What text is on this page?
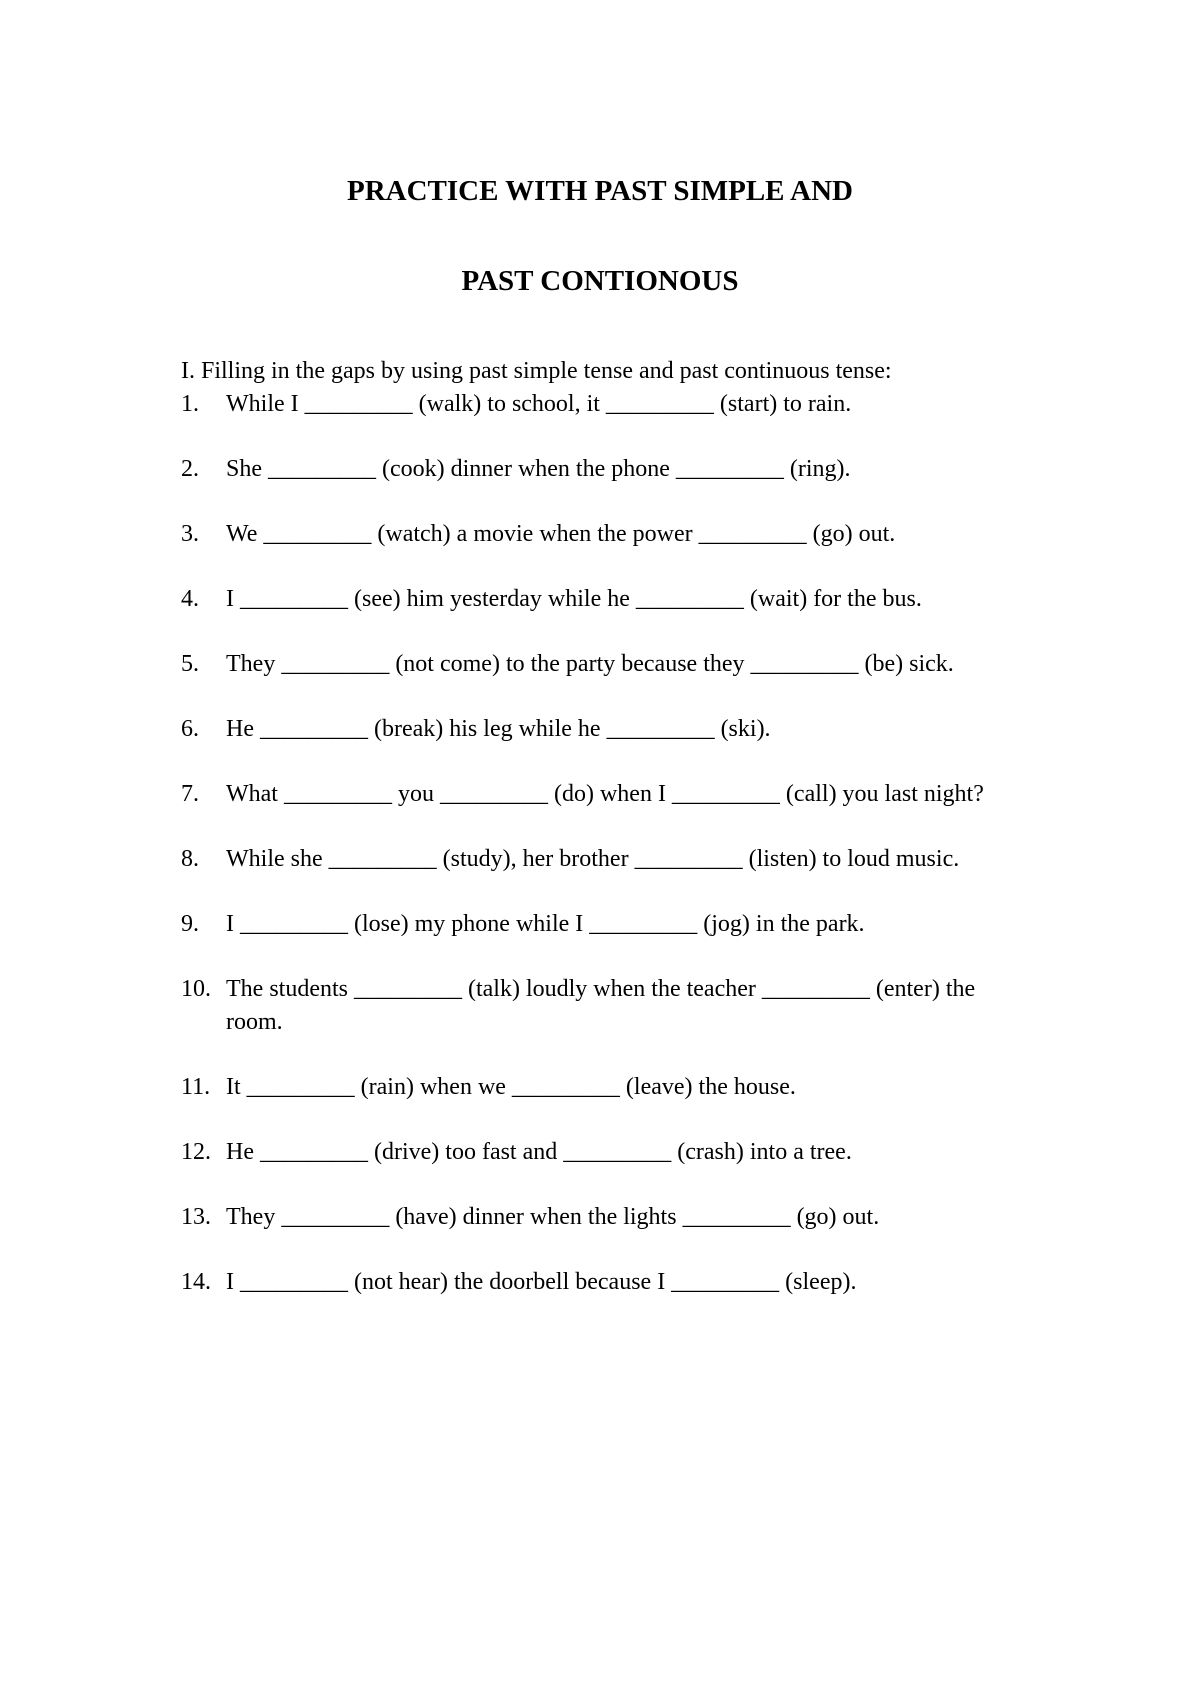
PRACTICE WITH PAST SIMPLE AND
PAST CONTIONOUS
I. Filling in the gaps by using past simple tense and past continuous tense:
1.	While I _________ (walk) to school, it _________ (start) to rain.
2.	She _________ (cook) dinner when the phone _________ (ring).
3.	We _________ (watch) a movie when the power _________ (go) out.
4.	I _________ (see) him yesterday while he _________ (wait) for the bus.
5.	They _________ (not come) to the party because they _________ (be) sick.
6.	He _________ (break) his leg while he _________ (ski).
7.	What _________ you _________ (do) when I _________ (call) you last night?
8.	While she _________ (study), her brother _________ (listen) to loud music.
9.	I _________ (lose) my phone while I _________ (jog) in the park.
10. The students _________ (talk) loudly when the teacher _________ (enter) the room.
11. It _________ (rain) when we _________ (leave) the house.
12. He _________ (drive) too fast and _________ (crash) into a tree.
13. They _________ (have) dinner when the lights _________ (go) out.
14. I _________ (not hear) the doorbell because I _________ (sleep).
